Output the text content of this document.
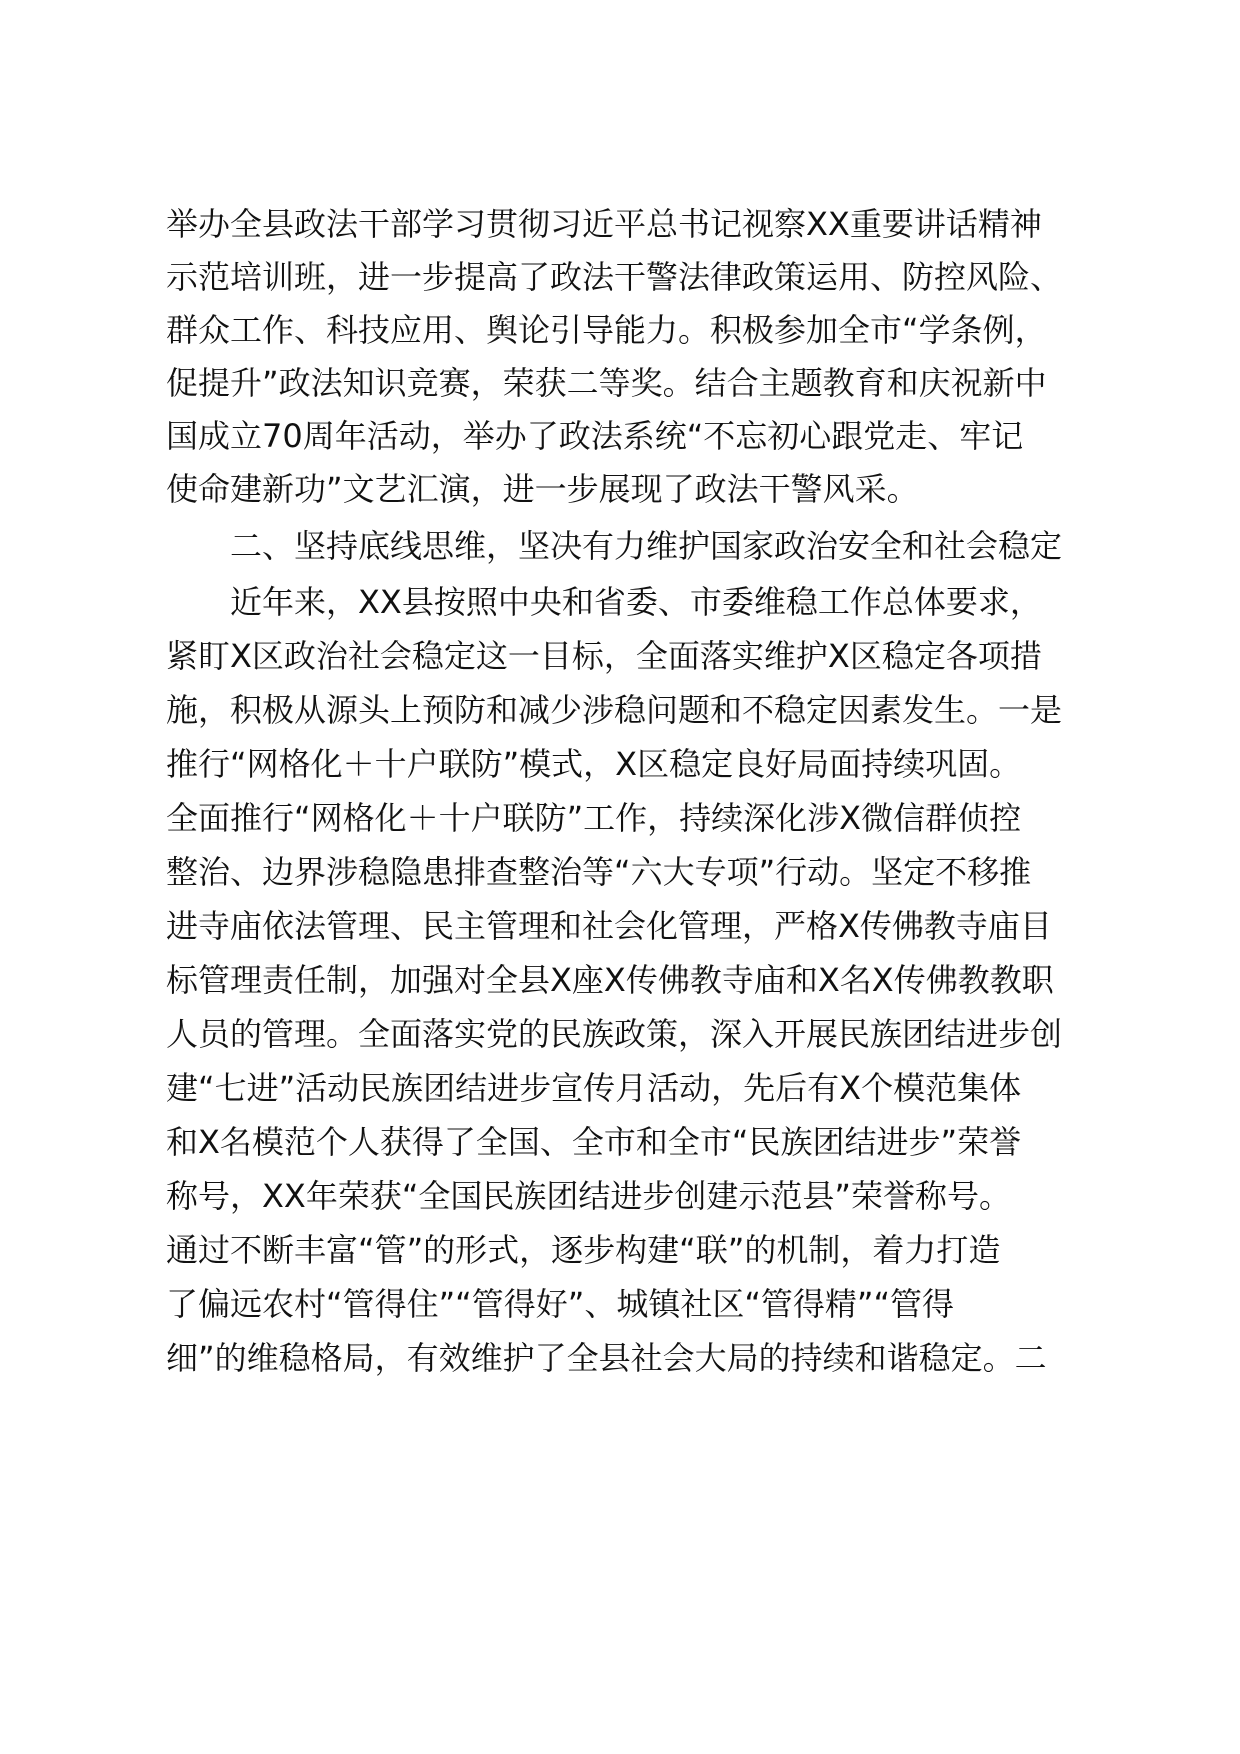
举办全县政法干部学习贯彻习近平总书记视察XX重要讲话精神
示范培训班，进一步提高了政法干警法律政策运用、防控风险、
群众工作、科技应用、舆论引导能力。积极参加全市“学条例，
促提升”政法知识竞赛，荣获二等奖。结合主题教育和庆祝新中
国成立70周年活动，举办了政法系统“不忘初心跟党走、牢记
使命建新功”文艺汇演，进一步展现了政法干警风采。
二、坚持底线思维，坚决有力维护国家政治安全和社会稳定
近年来，XX县按照中央和省委、市委维稳工作总体要求，
紧盯X区政治社会稳定这一目标，全面落实维护X区稳定各项措
施，积极从源头上预防和减少涉稳问题和不稳定因素发生。一是
推行“网格化＋十户联防”模式，X区稳定良好局面持续巩固。
全面推行“网格化＋十户联防”工作，持续深化涉X微信群侦控
整治、边界涉稳隐患排查整治等“六大专项”行动。坚定不移推
进寺庙依法管理、民主管理和社会化管理，严格X传佛教寺庙目
标管理责任制，加强对全县X座X传佛教寺庙和X名X传佛教教职
人员的管理。全面落实党的民族政策，深入开展民族团结进步创
建“七进”活动民族团结进步宣传月活动，先后有X个模范集体
和X名模范个人获得了全国、全市和全市“民族团结进步”荣誉
称号，XX年荣获“全国民族团结进步创建示范县”荣誉称号。
通过不断丰富“管”的形式，逐步构建“联”的机制，着力打造
了偏远农村“管得住”“管得好”、城镇社区“管得精”“管得
细”的维稳格局，有效维护了全县社会大局的持续和谐稳定。二
